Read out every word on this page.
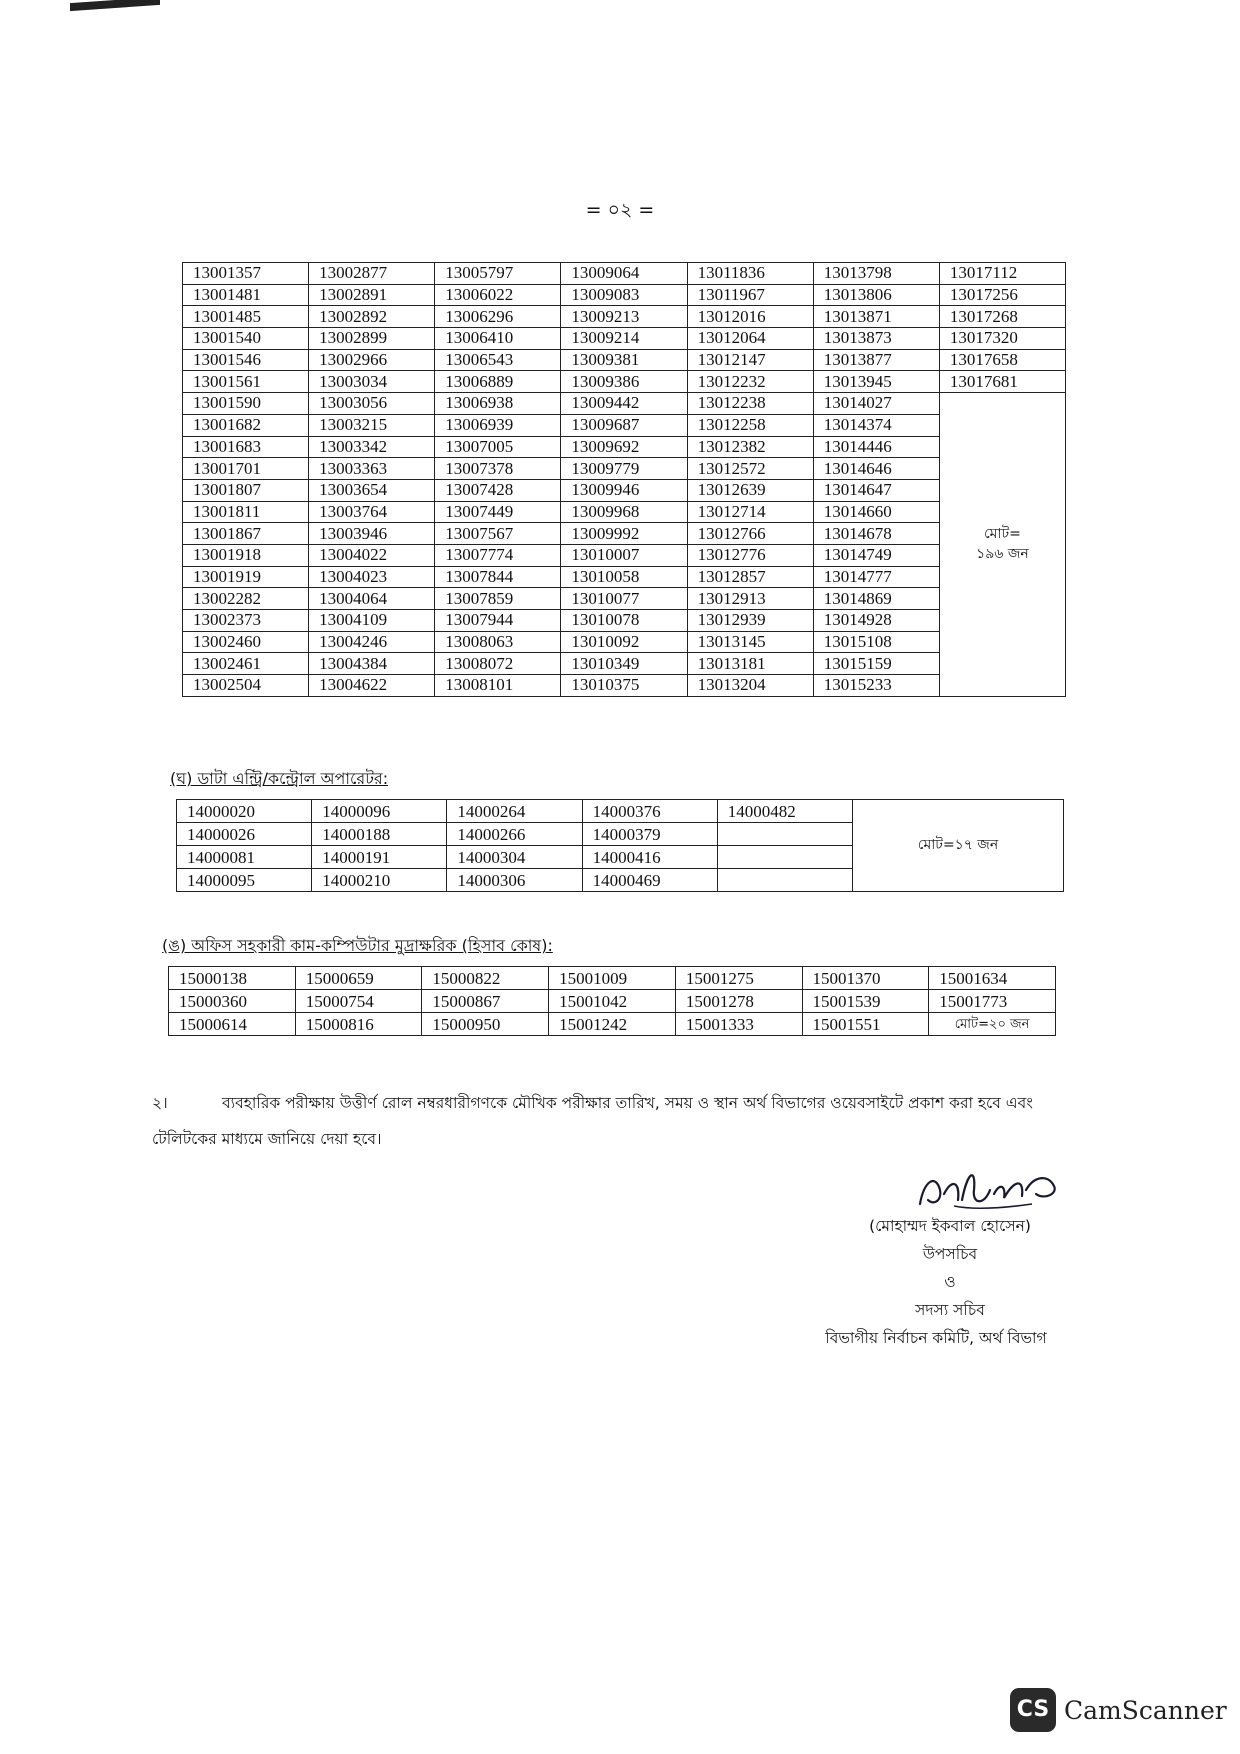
= ০২ =
13001357	13002877	13005797	13009064	13011836	13013798	13017112
13001481	13002891	13006022	13009083	13011967	13013806	13017256
13001485	13002892	13006296	13009213	13012016	13013871	13017268
13001540	13002899	13006410	13009214	13012064	13013873	13017320
13001546	13002966	13006543	13009381	13012147	13013877	13017658
13001561	13003034	13006889	13009386	13012232	13013945	13017681
13001590	13003056	13006938	13009442	13012238	13014027	মোট=
১৯৬ জন

13001682	13003215	13006939	13009687	13012258	13014374	
13001683	13003342	13007005	13009692	13012382	13014446	
13001701	13003363	13007378	13009779	13012572	13014646	
13001807	13003654	13007428	13009946	13012639	13014647	
13001811	13003764	13007449	13009968	13012714	13014660	
13001867	13003946	13007567	13009992	13012766	13014678	
13001918	13004022	13007774	13010007	13012776	13014749	
13001919	13004023	13007844	13010058	13012857	13014777	
13002282	13004064	13007859	13010077	13012913	13014869	
13002373	13004109	13007944	13010078	13012939	13014928	
13002460	13004246	13008063	13010092	13013145	13015108	
13002461	13004384	13008072	13010349	13013181	13015159	
13002504	13004622	13008101	13010375	13013204	13015233	
(ঘ) ডাটা এন্ট্রি/কন্ট্রোল অপারেটর:
14000020	14000096	14000264	14000376	14000482	মোট=১৭ জন
14000026	14000188	14000266	14000379		
14000081	14000191	14000304	14000416		
14000095	14000210	14000306	14000469		
(ঙ) অফিস সহকারী কাম-কম্পিউটার মুদ্রাক্ষরিক (হিসাব কোষ):
15000138	15000659	15000822	15001009	15001275	15001370	15001634
15000360	15000754	15000867	15001042	15001278	15001539	15001773
15000614	15000816	15000950	15001242	15001333	15001551	মোট=২০ জন
২।	ব্যবহারিক পরীক্ষায় উত্তীর্ণ রোল নম্বরধারীগণকে মৌখিক পরীক্ষার তারিখ, সময় ও স্থান অর্থ বিভাগের ওয়েবসাইটে প্রকাশ করা হবে এবং টেলিটকের মাধ্যমে জানিয়ে দেয়া হবে।
(মোহাম্মদ ইকবাল হোসেন)
উপসচিব
ও
সদস্য সচিব
বিভাগীয় নির্বাচন কমিটি, অর্থ বিভাগ
CS CamScanner
